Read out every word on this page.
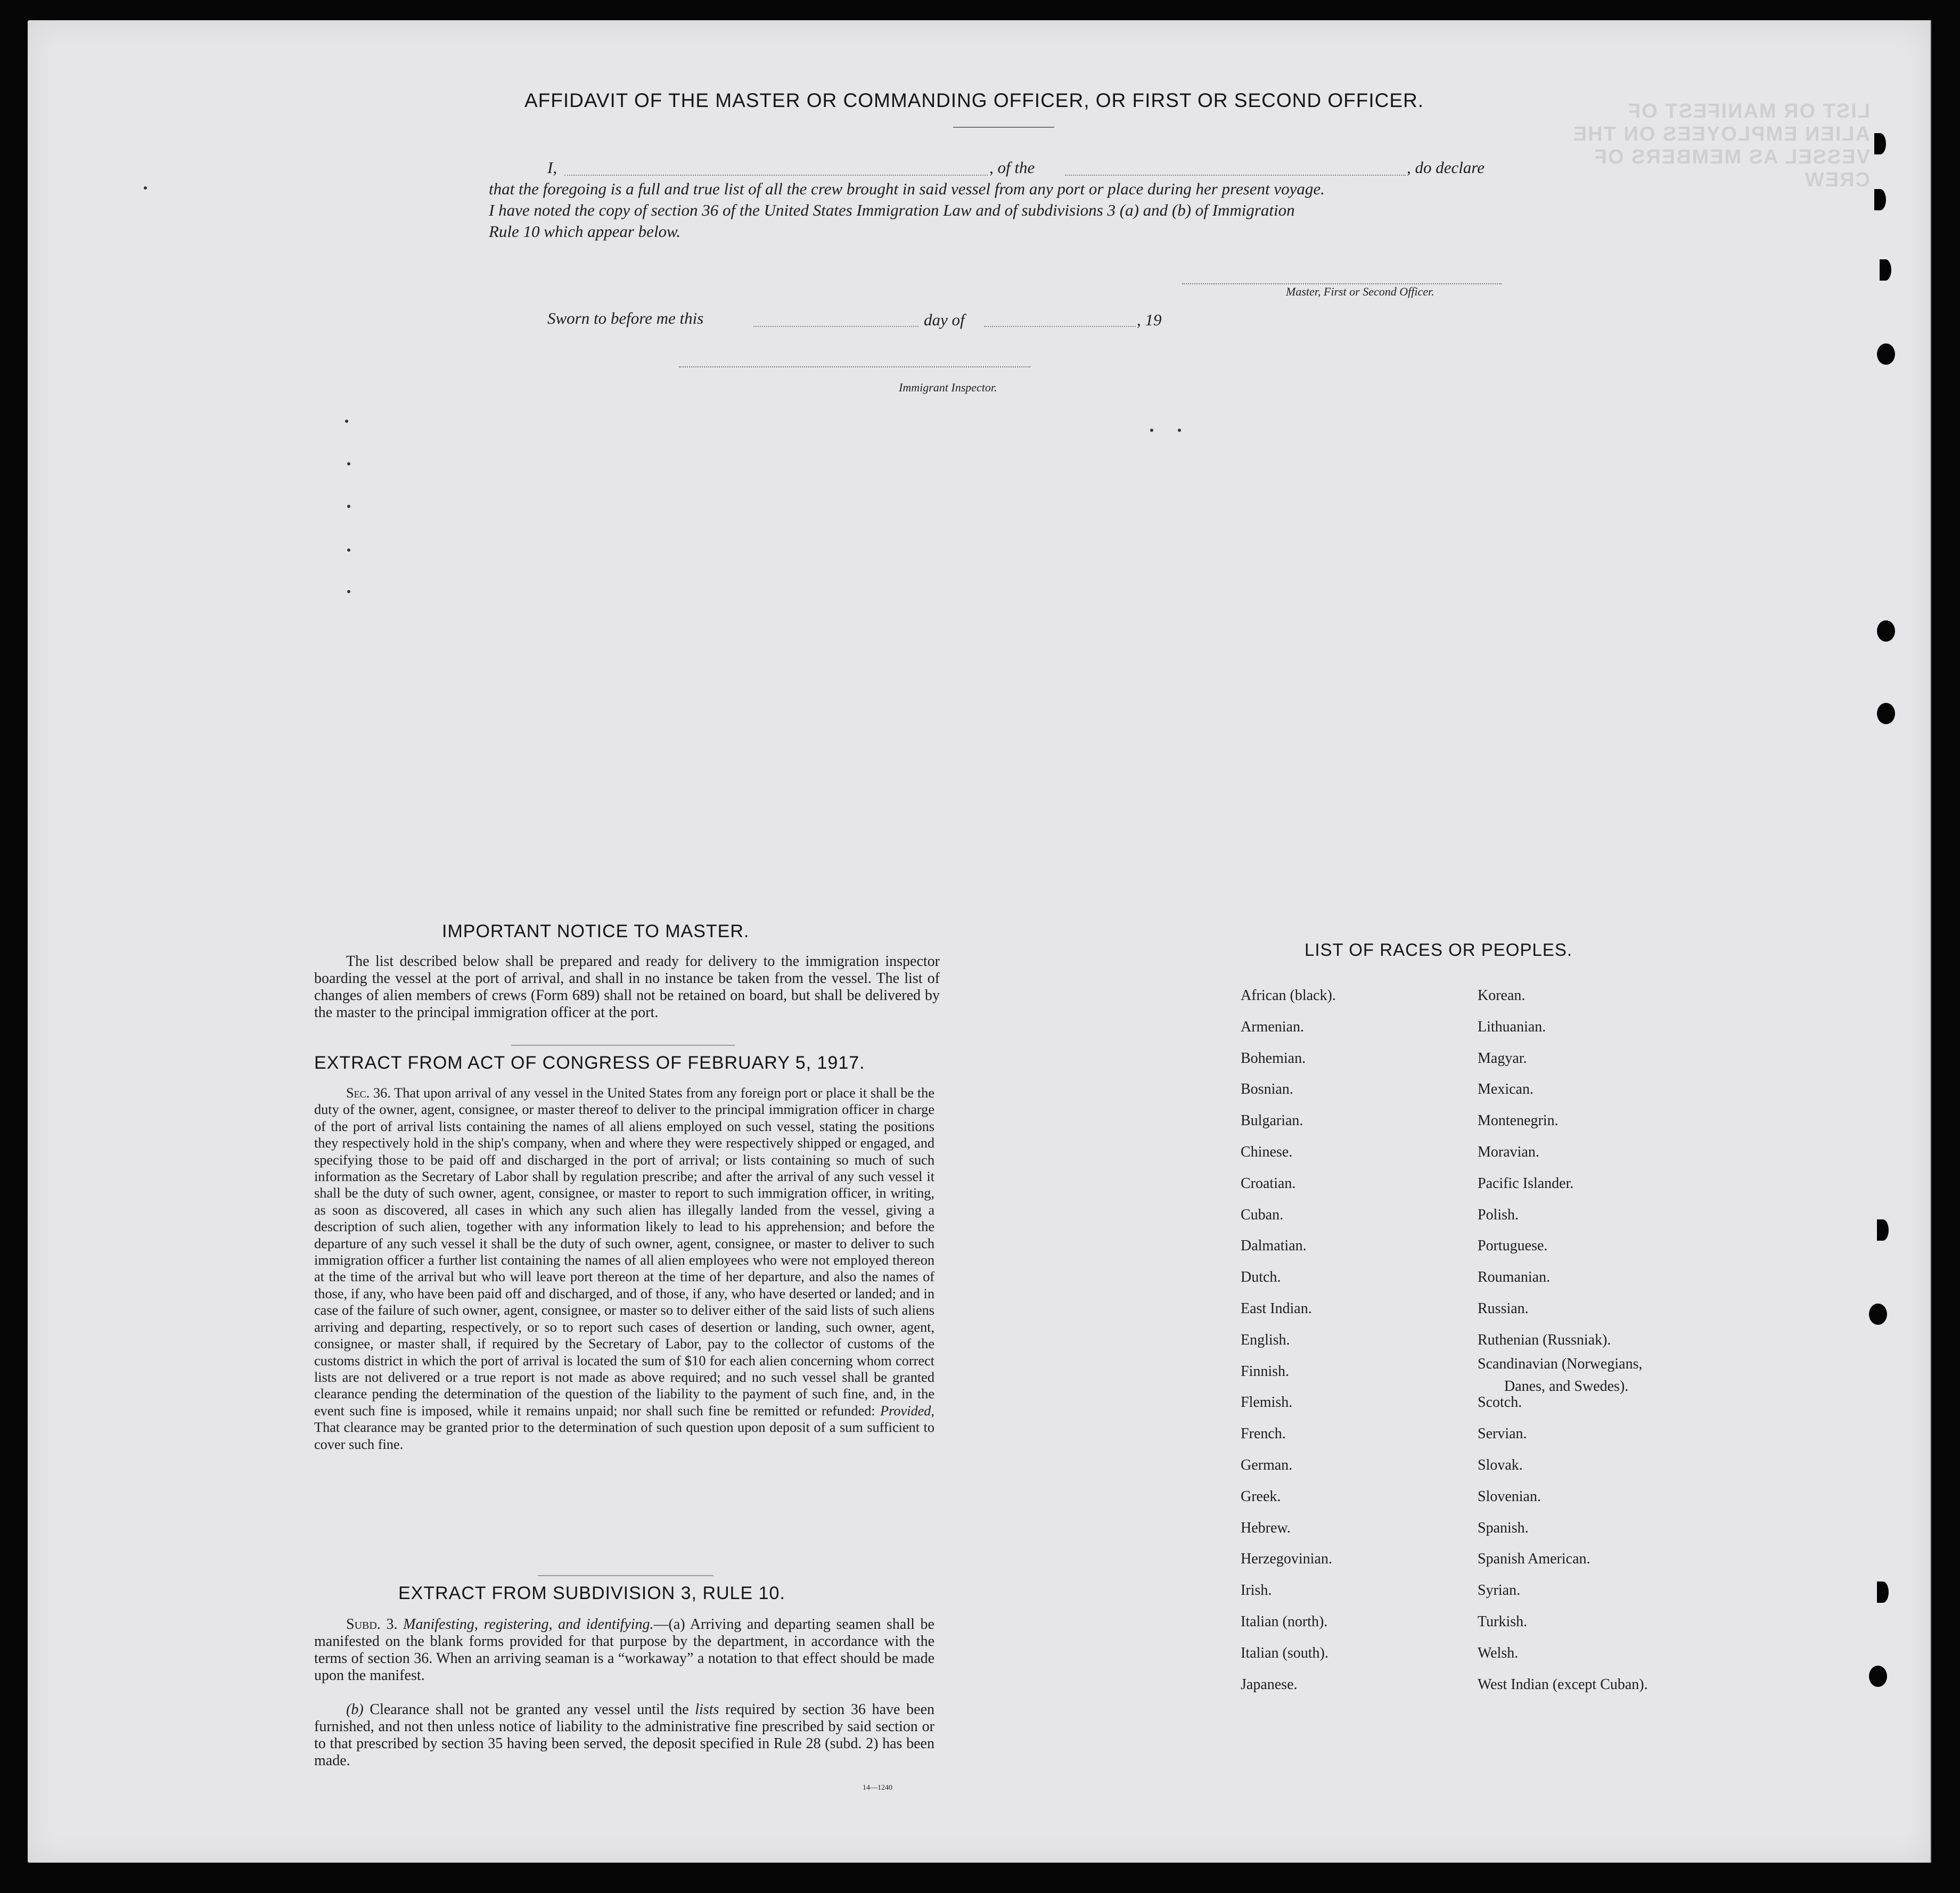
LIST OR MANIFEST OF ALIEN EMPLOYEES ON THE VESSEL AS MEMBERS OF CREW
AFFIDAVIT OF THE MASTER OR COMMANDING OFFICER, OR FIRST OR SECOND OFFICER.
I,	, of the	, do declare
that the foregoing is a full and true list of all the crew brought in said vessel from any port or place during her present voyage.
I have noted the copy of section 36 of the United States Immigration Law and of subdivisions 3 (a) and (b) of Immigration
Rule 10 which appear below.
Master, First or Second Officer.
Sworn to before me this	day of	, 19
Immigrant Inspector.
IMPORTANT NOTICE TO MASTER.
The list described below shall be prepared and ready for delivery to the immigration inspector boarding the vessel at the port of arrival, and shall in no instance be taken from the vessel. The list of changes of alien members of crews (Form 689) shall not be retained on board, but shall be delivered by the master to the principal immigration officer at the port.
EXTRACT FROM ACT OF CONGRESS OF FEBRUARY 5, 1917.
Sec. 36. That upon arrival of any vessel in the United States from any foreign port or place it shall be the duty of the owner, agent, consignee, or master thereof to deliver to the principal immigration officer in charge of the port of arrival lists containing the names of all aliens employed on such vessel, stating the positions they respectively hold in the ship's company, when and where they were respectively shipped or engaged, and specifying those to be paid off and discharged in the port of arrival; or lists containing so much of such information as the Secretary of Labor shall by regulation prescribe; and after the arrival of any such vessel it shall be the duty of such owner, agent, consignee, or master to report to such immigration officer, in writing, as soon as discovered, all cases in which any such alien has illegally landed from the vessel, giving a description of such alien, together with any information likely to lead to his apprehension; and before the departure of any such vessel it shall be the duty of such owner, agent, consignee, or master to deliver to such immigration officer a further list containing the names of all alien employees who were not employed thereon at the time of the arrival but who will leave port thereon at the time of her departure, and also the names of those, if any, who have been paid off and discharged, and of those, if any, who have deserted or landed; and in case of the failure of such owner, agent, consignee, or master so to deliver either of the said lists of such aliens arriving and departing, respectively, or so to report such cases of desertion or landing, such owner, agent, consignee, or master shall, if required by the Secretary of Labor, pay to the collector of customs of the customs district in which the port of arrival is located the sum of $10 for each alien concerning whom correct lists are not delivered or a true report is not made as above required; and no such vessel shall be granted clearance pending the determination of the question of the liability to the payment of such fine, and, in the event such fine is imposed, while it remains unpaid; nor shall such fine be remitted or refunded: Provided, That clearance may be granted prior to the determination of such question upon deposit of a sum sufficient to cover such fine.
EXTRACT FROM SUBDIVISION 3, RULE 10.
Subd. 3. Manifesting, registering, and identifying.—(a) Arriving and departing seamen shall be manifested on the blank forms provided for that purpose by the department, in accordance with the terms of section 36. When an arriving seaman is a “workaway” a notation to that effect should be made upon the manifest.
(b) Clearance shall not be granted any vessel until the lists required by section 36 have been furnished, and not then unless notice of liability to the administrative fine prescribed by said section or to that prescribed by section 35 having been served, the deposit specified in Rule 28 (subd. 2) has been made.
14—1240
LIST OF RACES OR PEOPLES.
African (black).
Armenian.
Bohemian.
Bosnian.
Bulgarian.
Chinese.
Croatian.
Cuban.
Dalmatian.
Dutch.
East Indian.
English.
Finnish.
Flemish.
French.
German.
Greek.
Hebrew.
Herzegovinian.
Irish.
Italian (north).
Italian (south).
Japanese.
Korean.
Lithuanian.
Magyar.
Mexican.
Montenegrin.
Moravian.
Pacific Islander.
Polish.
Portuguese.
Roumanian.
Russian.
Ruthenian (Russniak).
Scandinavian (Norwegians,
Danes, and Swedes).
Scotch.
Servian.
Slovak.
Slovenian.
Spanish.
Spanish American.
Syrian.
Turkish.
Welsh.
West Indian (except Cuban).
